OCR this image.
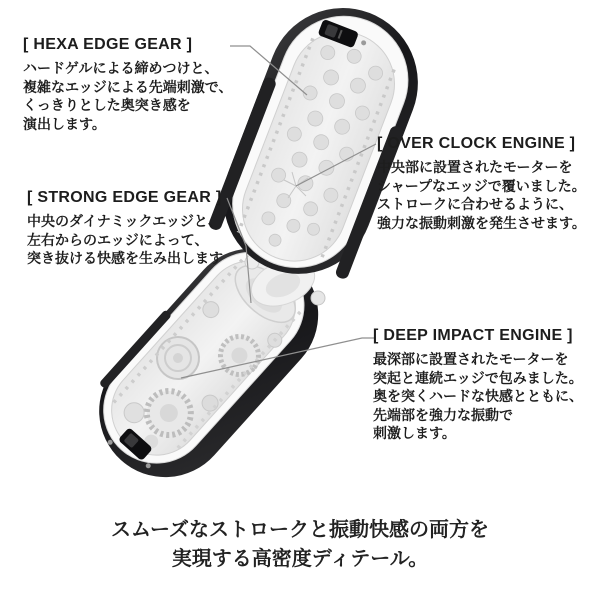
[ HEXA EDGE GEAR ]
ハードゲルによる締めつけと、
複雑なエッジによる先端刺激で、
くっきりとした奥突き感を
演出します。
[ STRONG EDGE GEAR ]
中央のダイナミックエッジと、
左右からのエッジによって、
突き抜ける快感を生み出します
[ OVER CLOCK ENGINE ]
中央部に設置されたモーターを
シャープなエッジで覆いました。
ストロークに合わせるように、
強力な振動刺激を発生させます。
[ DEEP IMPACT ENGINE ]
最深部に設置されたモーターを
突起と連続エッジで包みました。
奥を突くハードな快感とともに、
先端部を強力な振動で
刺激します。
スムーズなストロークと振動快感の両方を
実現する高密度ディテール。
